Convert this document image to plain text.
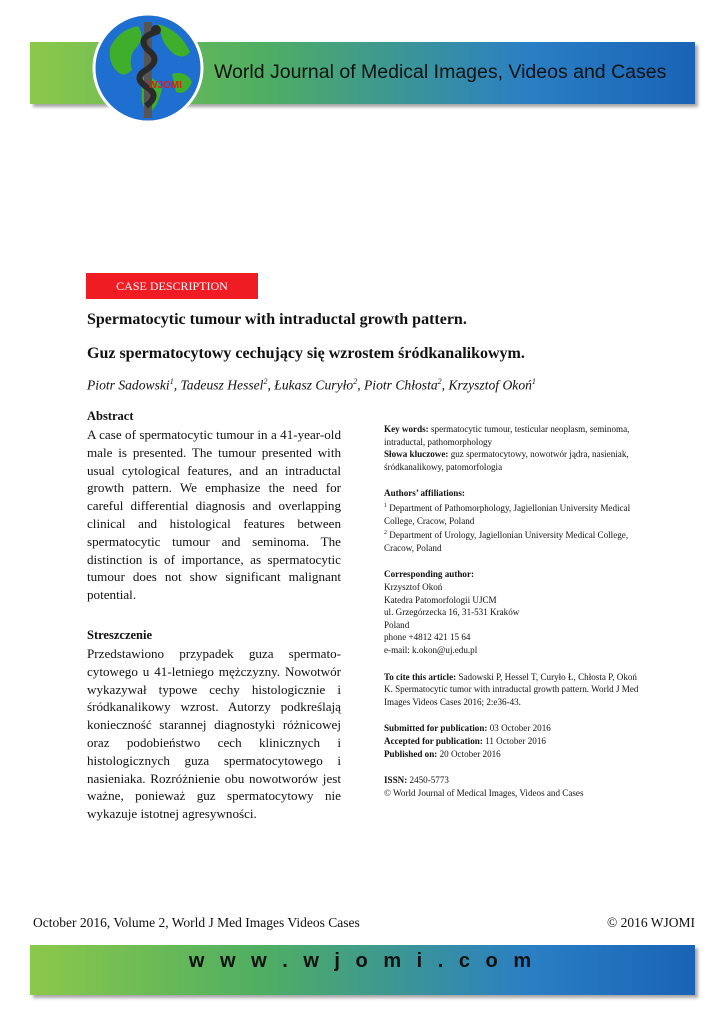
WJOMI
World Journal of Medical Images, Videos and Cases
CASE DESCRIPTION
Spermatocytic tumour with intraductal growth pattern.
Guz spermatocytowy cechujący się wzrostem śródkanalikowym.
Piotr Sadowski$^1$, Tadeusz Hessel$^2$, Łukasz Curyło$^2$, Piotr Chłosta$^2$, Krzysztof Okoń$^1$

Abstract

A case of spermatocytic tumour in a 41-year-old male is presented. The tumour presented with usual cytological features, and an intraductal growth pattern. We emphasize the need for careful differential diagnosis and overlapping clinical and histological features between spermatocytic tumour and seminoma. The distinction is of importance, as spermatocytic tumour does not show significant malignant potential.

Streszczenie

Przedstawiono przypadek guza spermato-cytowego u 41-letniego mężczyzny. Nowotwór wykazywał typowe cechy histologicznie i śródkanalikowy wzrost. Autorzy podkreślają konieczność starannej diagnostyki różnicowej oraz podobieństwo cech klinicznych i histologicznych guza spermatocytowego i nasieniaka. Rozróżnienie obu nowotworów jest ważne, ponieważ guz spermatocytowy nie wykazuje istotnej agresywności.

Key words: spermatocytic tumour, testicular neoplasm, seminoma, intraductal, pathomorphology

Słowa kluczowe: guz spermatocytowy, nowotwór jądra, nasieniak, śródkanalikowy, patomorfologia

Authors’ affiliations:

$^1$ Department of Pathomorphology, Jagiellonian University Medical College, Cracow, Poland

$^2$ Department of Urology, Jagiellonian University Medical College, Cracow, Poland

Corresponding author:

Krzysztof Okoń

Katedra Patomorfologii UJCM

ul. Grzegórzecka 16, 31-531 Kraków

Poland

phone +4812 421 15 64

e-mail: k.okon@uj.edu.pl

To cite this article: Sadowski P, Hessel T, Curyło Ł, Chłosta P, Okoń K. Spermatocytic tumor with intraductal growth pattern. World J Med Images Videos Cases 2016; 2:e36-43.

Submitted for publication: 03 October 2016

Accepted for publication: 11 October 2016

Published on: 20 October 2016

ISSN: 2450-5773

© World Journal of Medical Images, Videos and Cases

October 2016, Volume 2, World J Med Images Videos Cases	© 2016 WJOMI
w w w . w j o m i . c o m
